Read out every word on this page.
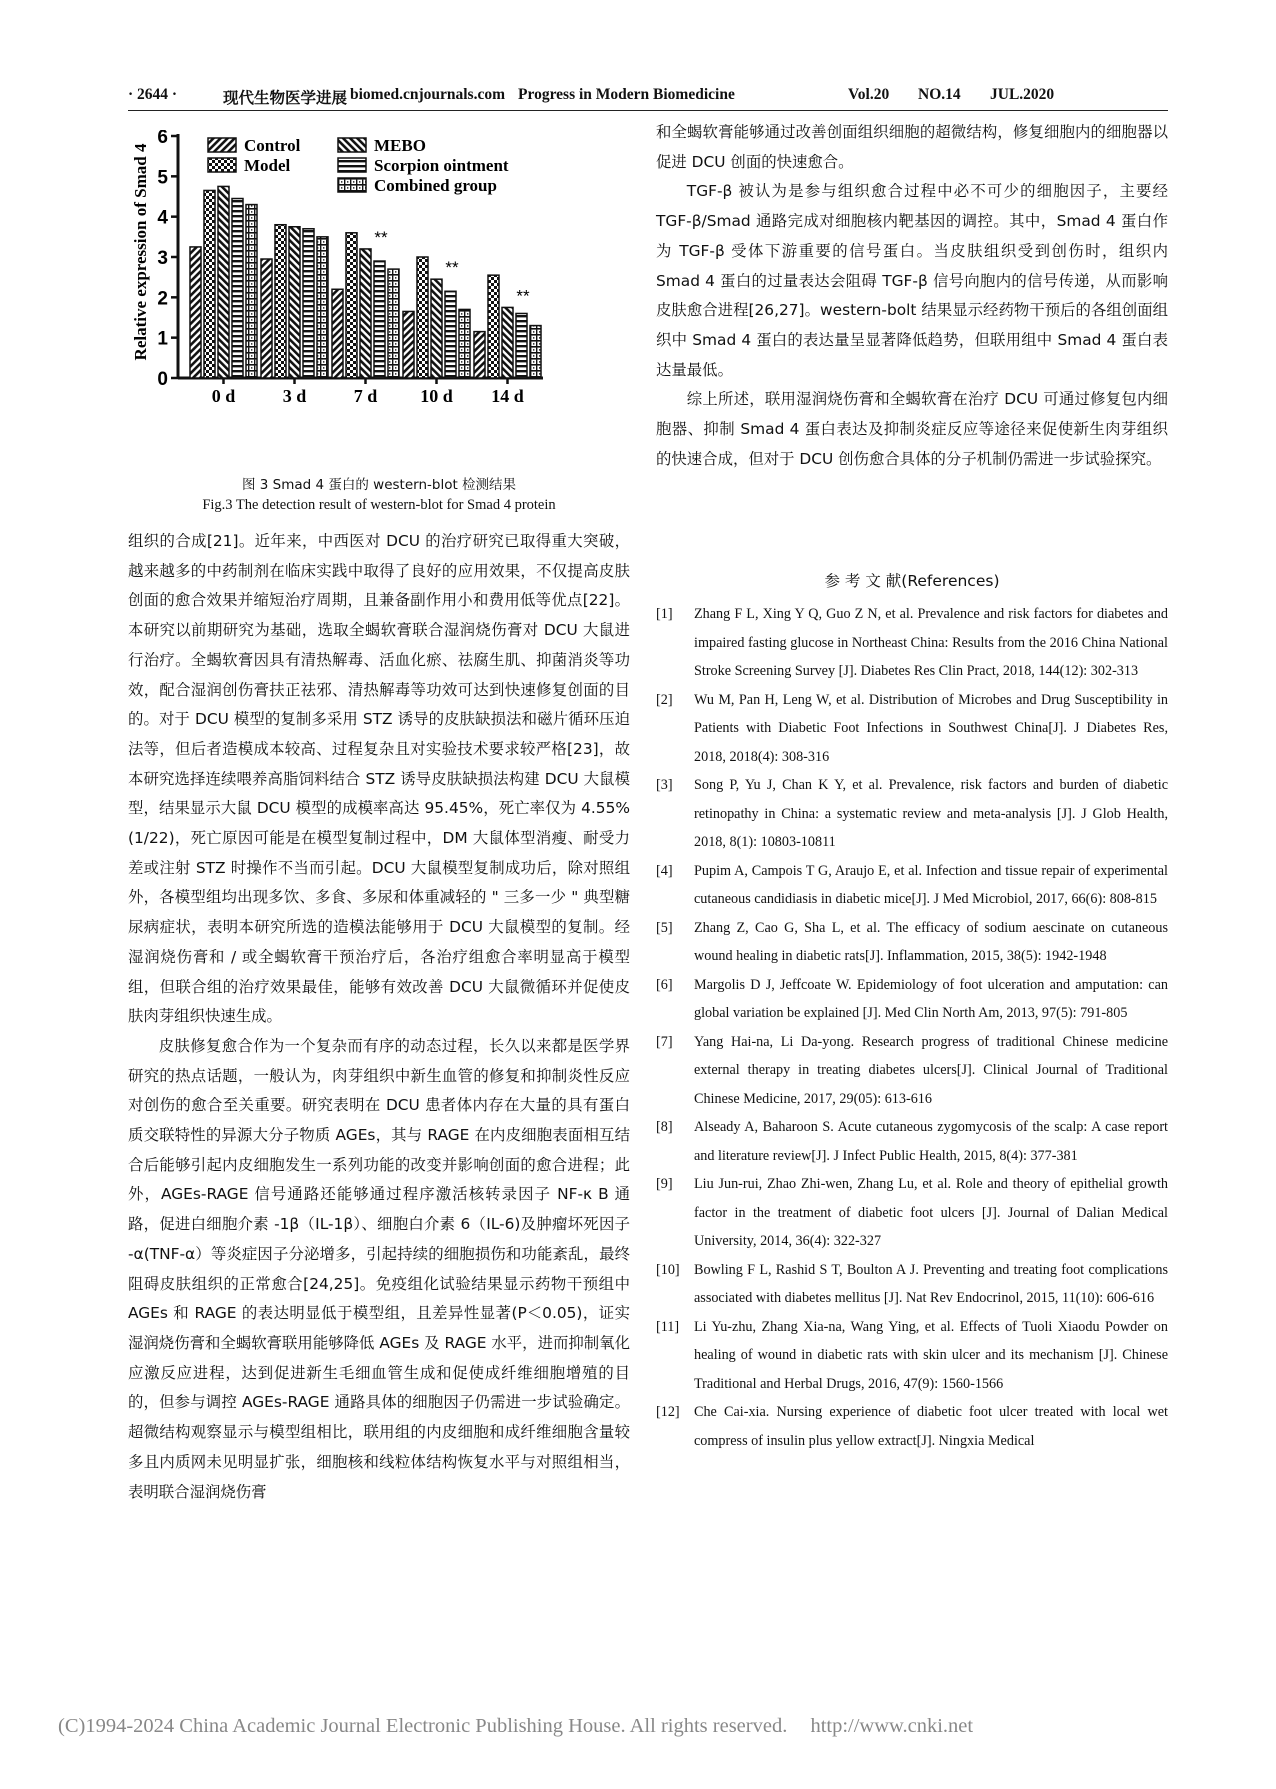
· 2644 ·	现代生物医学进展 biomed.cnjournals.com Progress in Modern Biomedicine	Vol.20 NO.14 JUL.2020
Relative expression of Smad 4
0
1
2
3
4
5
6
0 d	3 d	7 d 10 d 14 d
**
**
**
Control
Model
MEBO
Scorpion ointment
Combined group
图 3 Smad 4 蛋白的 western-blot 检测结果
Fig.3 The detection result of western-blot for Smad 4 protein

组织的合成[21]。近年来，中西医对 DCU 的治疗研究已取得重大突破，越来越多的中药制剂在临床实践中取得了良好的应用效果，不仅提高皮肤创面的愈合效果并缩短治疗周期，且兼备副作用小和费用低等优点[22]。本研究以前期研究为基础，选取全蝎软膏联合湿润烧伤膏对 DCU 大鼠进行治疗。全蝎软膏因具有清热解毒、活血化瘀、祛腐生肌、抑菌消炎等功效，配合湿润创伤膏扶正祛邪、清热解毒等功效可达到快速修复创面的目的。对于 DCU 模型的复制多采用 STZ 诱导的皮肤缺损法和磁片循环压迫法等，但后者造模成本较高、过程复杂且对实验技术要求较严格[23]，故本研究选择连续喂养高脂饲料结合 STZ 诱导皮肤缺损法构建 DCU 大鼠模型，结果显示大鼠 DCU 模型的成模率高达 95.45%，死亡率仅为 4.55%(1/22)，死亡原因可能是在模型复制过程中，DM 大鼠体型消瘦、耐受力差或注射 STZ 时操作不当而引起。DCU 大鼠模型复制成功后，除对照组外，各模型组均出现多饮、多食、多尿和体重减轻的 " 三多一少 " 典型糖尿病症状，表明本研究所选的造模法能够用于 DCU 大鼠模型的复制。经湿润烧伤膏和 / 或全蝎软膏干预治疗后，各治疗组愈合率明显高于模型组，但联合组的治疗效果最佳，能够有效改善 DCU 大鼠微循环并促使皮肤肉芽组织快速生成。

皮肤修复愈合作为一个复杂而有序的动态过程，长久以来都是医学界研究的热点话题，一般认为，肉芽组织中新生血管的修复和抑制炎性反应对创伤的愈合至关重要。研究表明在 DCU 患者体内存在大量的具有蛋白质交联特性的异源大分子物质 AGEs，其与 RAGE 在内皮细胞表面相互结合后能够引起内皮细胞发生一系列功能的改变并影响创面的愈合进程；此外，AGEs-RAGE 信号通路还能够通过程序激活核转录因子 NF-κ B 通路，促进白细胞介素 -1β（IL-1β）、细胞白介素 6（IL-6)及肿瘤坏死因子 -α(TNF-α）等炎症因子分泌增多，引起持续的细胞损伤和功能紊乱，最终阻碍皮肤组织的正常愈合[24,25]。免疫组化试验结果显示药物干预组中 AGEs 和 RAGE 的表达明显低于模型组，且差异性显著(P＜0.05)，证实湿润烧伤膏和全蝎软膏联用能够降低 AGEs 及 RAGE 水平，进而抑制氧化应激反应进程，达到促进新生毛细血管生成和促使成纤维细胞增殖的目的，但参与调控 AGEs-RAGE 通路具体的细胞因子仍需进一步试验确定。超微结构观察显示与模型组相比，联用组的内皮细胞和成纤维细胞含量较多且内质网未见明显扩张，细胞核和线粒体结构恢复水平与对照组相当，表明联合湿润烧伤膏

和全蝎软膏能够通过改善创面组织细胞的超微结构，修复细胞内的细胞器以促进 DCU 创面的快速愈合。

TGF-β 被认为是参与组织愈合过程中必不可少的细胞因子，主要经 TGF-β/Smad 通路完成对细胞核内靶基因的调控。其中，Smad 4 蛋白作为 TGF-β 受体下游重要的信号蛋白。当皮肤组织受到创伤时，组织内 Smad 4 蛋白的过量表达会阻碍 TGF-β 信号向胞内的信号传递，从而影响皮肤愈合进程[26,27]。western-bolt 结果显示经药物干预后的各组创面组织中 Smad 4 蛋白的表达量呈显著降低趋势，但联用组中 Smad 4 蛋白表达量最低。

综上所述，联用湿润烧伤膏和全蝎软膏在治疗 DCU 可通过修复包内细胞器、抑制 Smad 4 蛋白表达及抑制炎症反应等途径来促使新生肉芽组织的快速合成，但对于 DCU 创伤愈合具体的分子机制仍需进一步试验探究。

参 考 文 献(References)
[1] Zhang F L, Xing Y Q, Guo Z N, et al. Prevalence and risk factors for diabetes and impaired fasting glucose in Northeast China: Results from the 2016 China National Stroke Screening Survey [J]. Diabetes Res Clin Pract, 2018, 144(12): 302-313
[2] Wu M, Pan H, Leng W, et al. Distribution of Microbes and Drug Susceptibility in Patients with Diabetic Foot Infections in Southwest China[J]. J Diabetes Res, 2018, 2018(4): 308-316
[3] Song P, Yu J, Chan K Y, et al. Prevalence, risk factors and burden of diabetic retinopathy in China: a systematic review and meta-analysis [J]. J Glob Health, 2018, 8(1): 10803-10811
[4] Pupim A, Campois T G, Araujo E, et al. Infection and tissue repair of experimental cutaneous candidiasis in diabetic mice[J]. J Med Microbiol, 2017, 66(6): 808-815
[5] Zhang Z, Cao G, Sha L, et al. The efficacy of sodium aescinate on cutaneous wound healing in diabetic rats[J]. Inflammation, 2015, 38(5): 1942-1948
[6] Margolis D J, Jeffcoate W. Epidemiology of foot ulceration and amputation: can global variation be explained [J]. Med Clin North Am, 2013, 97(5): 791-805
[7] Yang Hai-na, Li Da-yong. Research progress of traditional Chinese medicine external therapy in treating diabetes ulcers[J]. Clinical Journal of Traditional Chinese Medicine, 2017, 29(05): 613-616
[8] Alseady A, Baharoon S. Acute cutaneous zygomycosis of the scalp: A case report and literature review[J]. J Infect Public Health, 2015, 8(4): 377-381
[9] Liu Jun-rui, Zhao Zhi-wen, Zhang Lu, et al. Role and theory of epithelial growth factor in the treatment of diabetic foot ulcers [J]. Journal of Dalian Medical University, 2014, 36(4): 322-327
[10] Bowling F L, Rashid S T, Boulton A J. Preventing and treating foot complications associated with diabetes mellitus [J]. Nat Rev Endocrinol, 2015, 11(10): 606-616
[11] Li Yu-zhu, Zhang Xia-na, Wang Ying, et al. Effects of Tuoli Xiaodu Powder on healing of wound in diabetic rats with skin ulcer and its mechanism [J]. Chinese Traditional and Herbal Drugs, 2016, 47(9): 1560-1566
[12] Che Cai-xia. Nursing experience of diabetic foot ulcer treated with local wet compress of insulin plus yellow extract[J]. Ningxia Medical
(C)1994-2024 China Academic Journal Electronic Publishing House. All rights reserved. http://www.cnki.net
